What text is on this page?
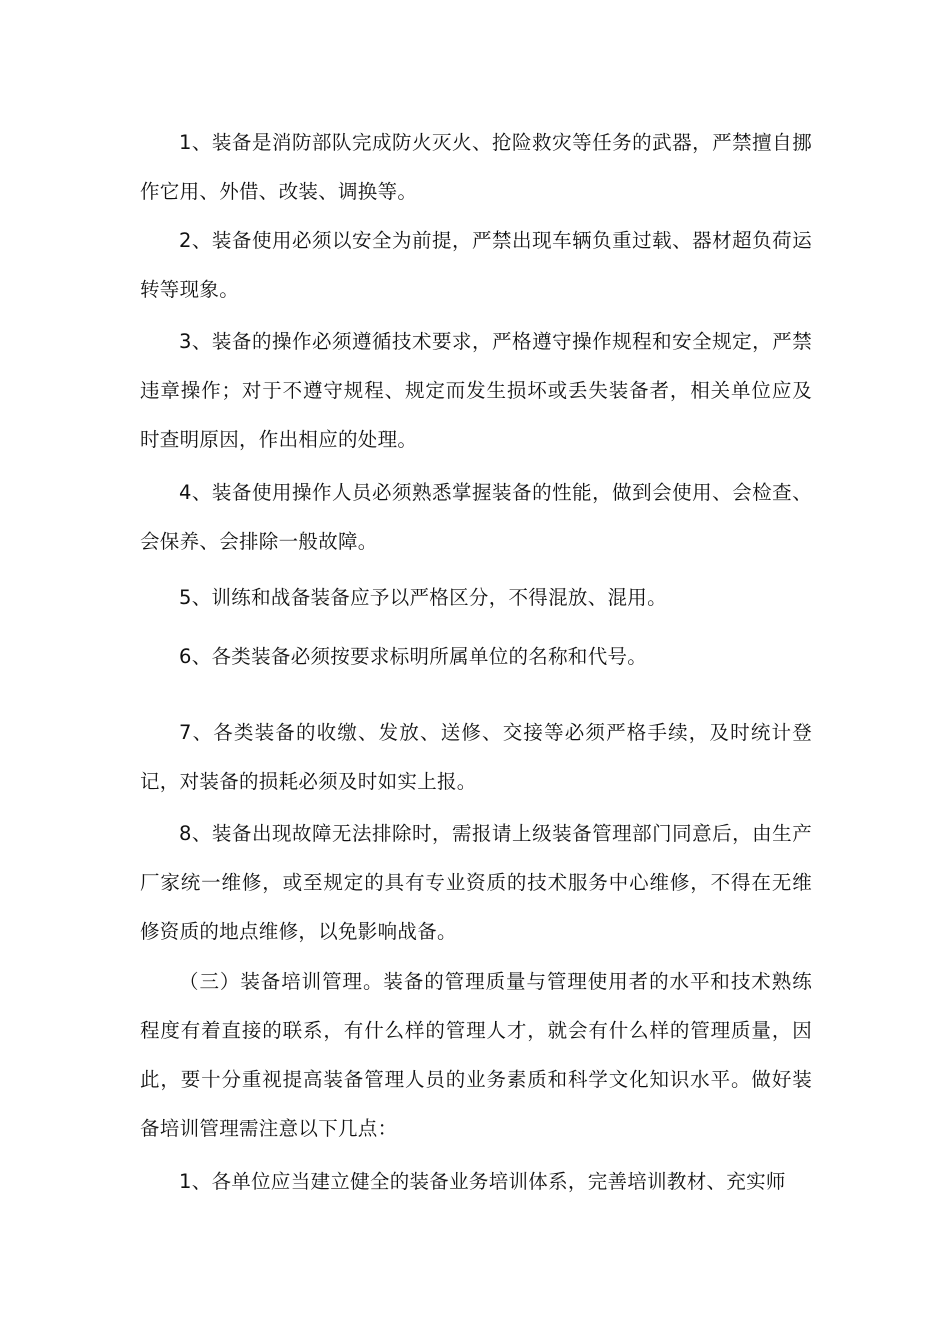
1、装备是消防部队完成防火灭火、抢险救灾等任务的武器，严禁擅自挪作它用、外借、改装、调换等。
2、装备使用必须以安全为前提，严禁出现车辆负重过载、器材超负荷运转等现象。
3、装备的操作必须遵循技术要求，严格遵守操作规程和安全规定，严禁违章操作；对于不遵守规程、规定而发生损坏或丢失装备者，相关单位应及时查明原因，作出相应的处理。
4、装备使用操作人员必须熟悉掌握装备的性能，做到会使用、会检查、会保养、会排除一般故障。
5、训练和战备装备应予以严格区分，不得混放、混用。
6、各类装备必须按要求标明所属单位的名称和代号。
7、各类装备的收缴、发放、送修、交接等必须严格手续，及时统计登记，对装备的损耗必须及时如实上报。
8、装备出现故障无法排除时，需报请上级装备管理部门同意后，由生产厂家统一维修，或至规定的具有专业资质的技术服务中心维修，不得在无维修资质的地点维修，以免影响战备。
（三）装备培训管理。装备的管理质量与管理使用者的水平和技术熟练程度有着直接的联系，有什么样的管理人才，就会有什么样的管理质量，因此，要十分重视提高装备管理人员的业务素质和科学文化知识水平。做好装备培训管理需注意以下几点：
1、各单位应当建立健全的装备业务培训体系，完善培训教材、充实师
